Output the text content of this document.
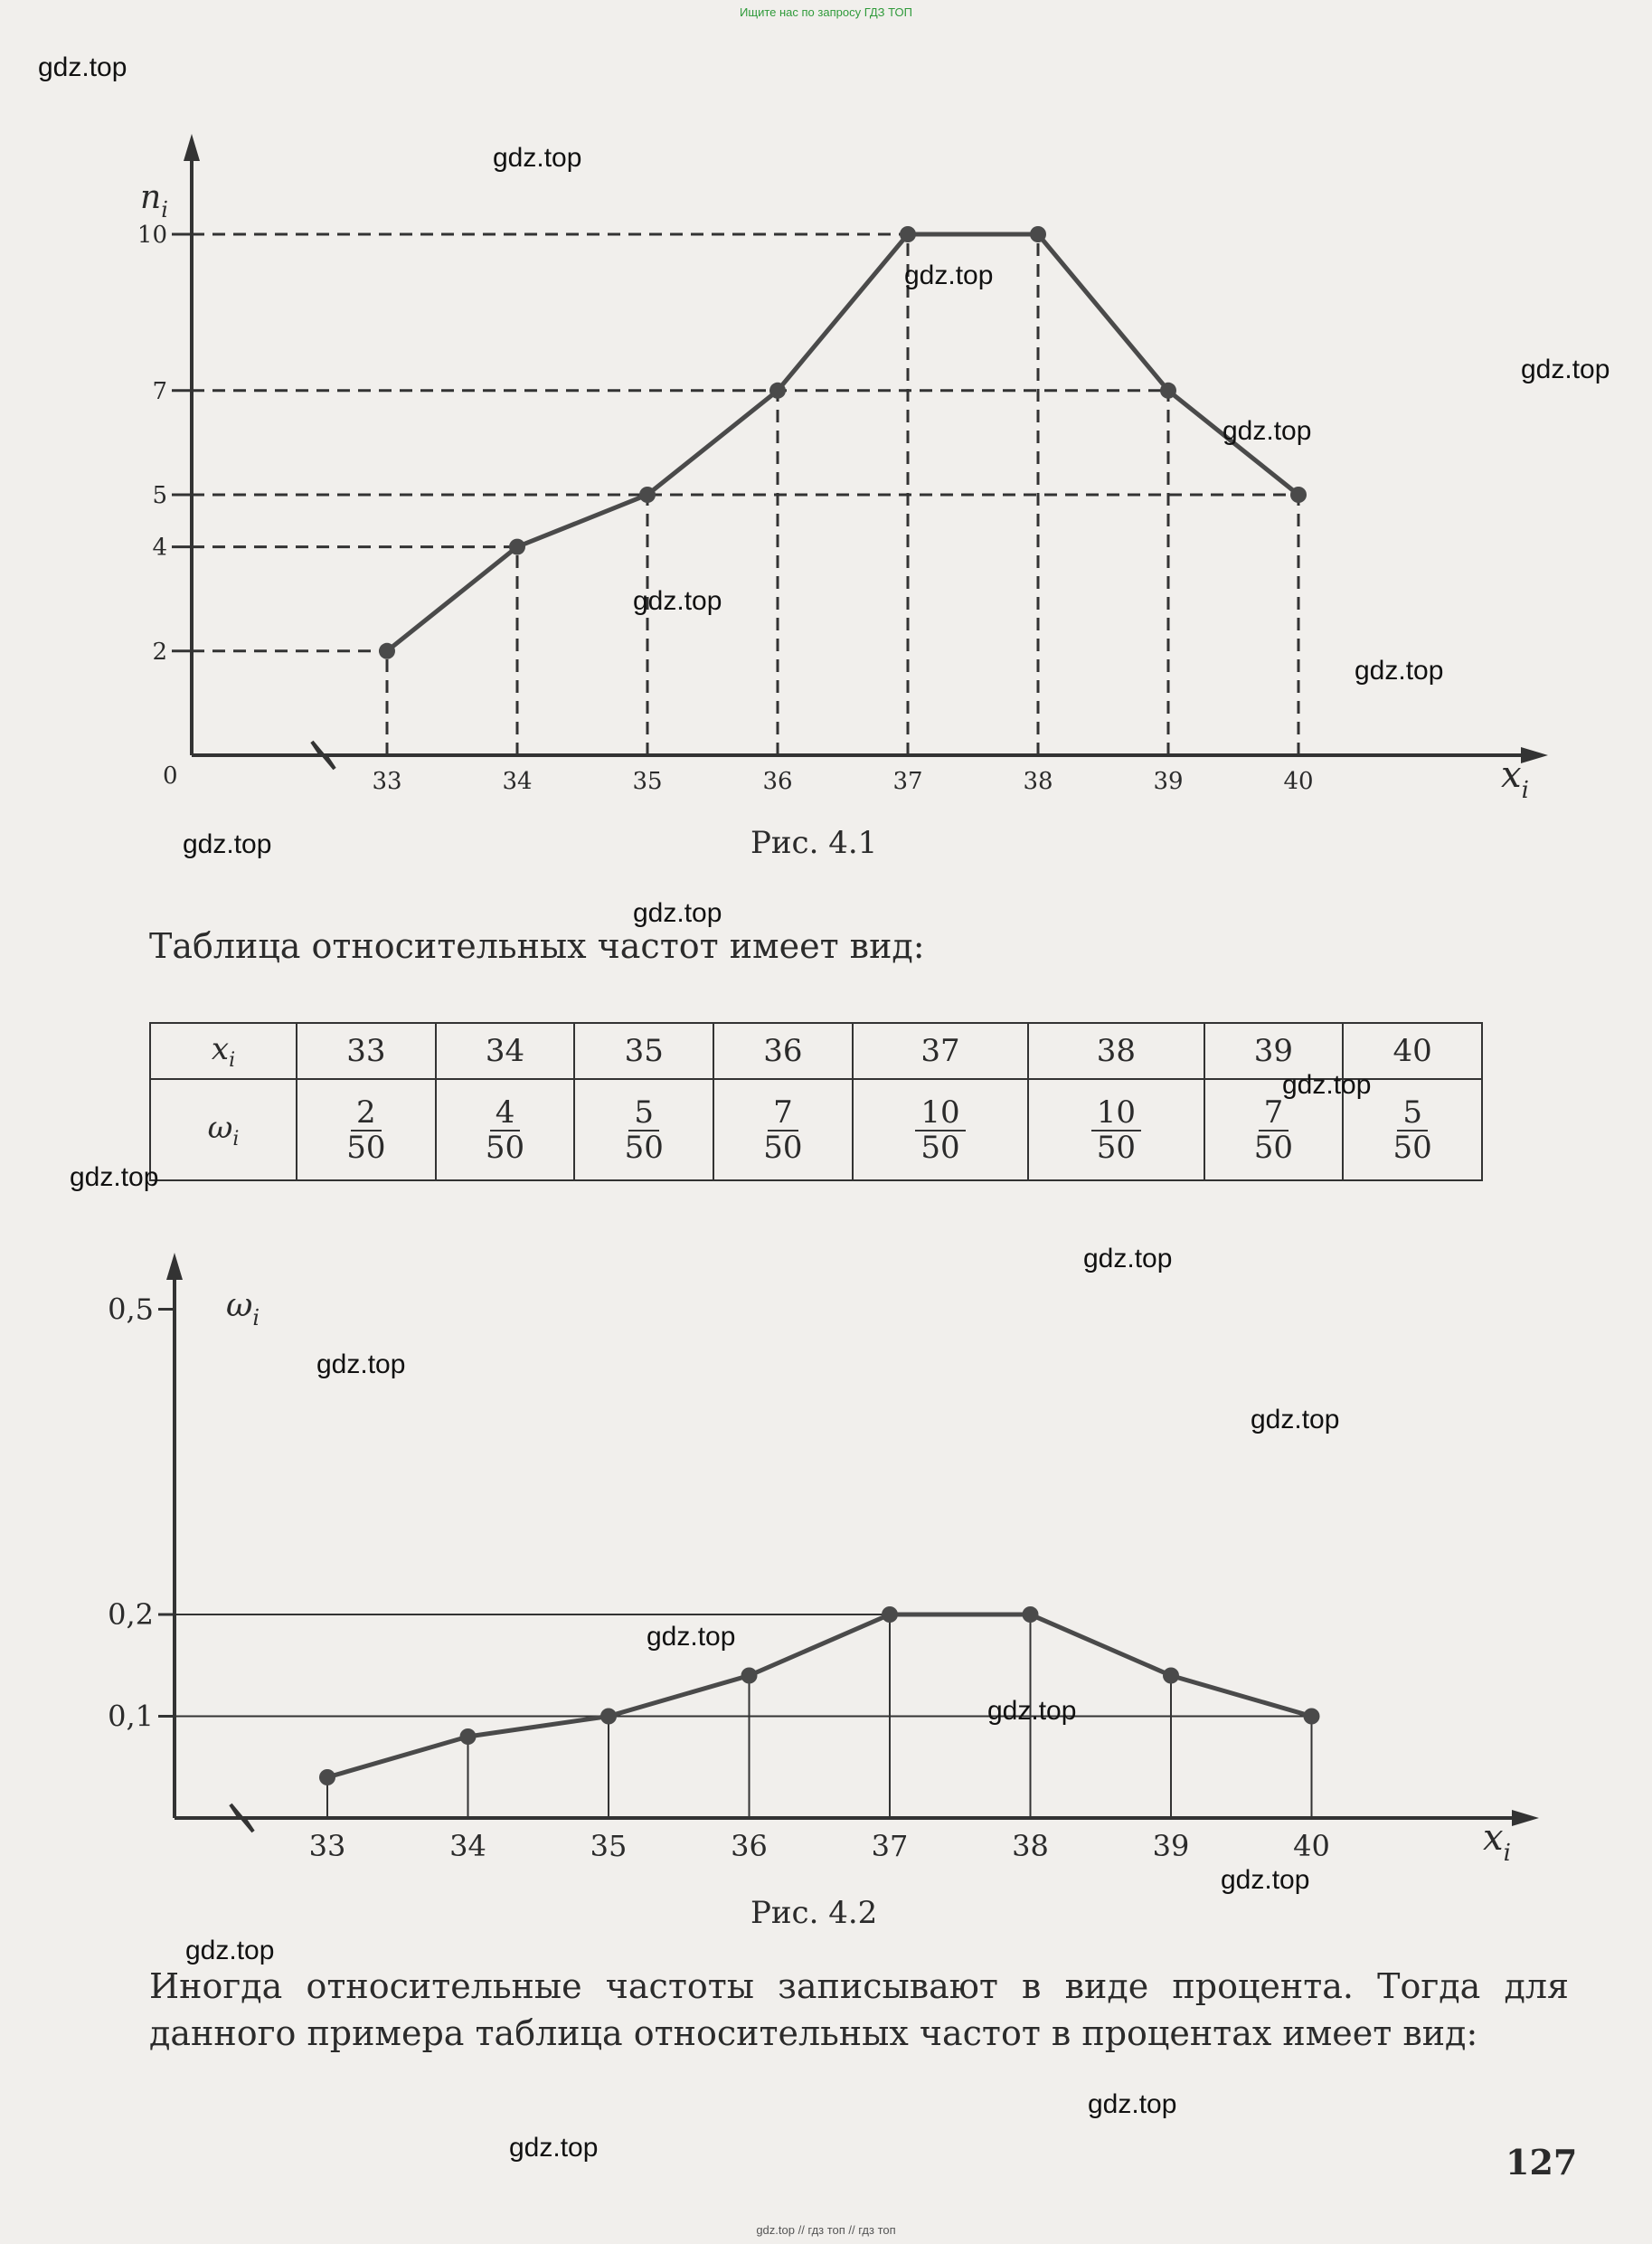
Ищите нас по запросу ГДЗ ТОП
gdz.top // гдз топ // гдз топ
33	34	35	36	37	38	39	40
2
4
5
7
10
0
$n_i$
$x_i$
Рис. 4.1
Таблица относительных частот имеет вид:
$x_i$	33	34	35	36	37	38	39	40
$\omega_i$	$\frac{2}{50}$	$\frac{4}{50}$	$\frac{5}{50}$	$\frac{7}{50}$	$\frac{10}{50}$	$\frac{10}{50}$	$\frac{7}{50}$	$\frac{5}{50}$
33	34	35	36	37	38	39	40
0,1
0,2
0,5 $\omega_i$
$x_i$
Рис. 4.2
Иногда относительные частоты записывают в виде процента. Тогда для данного примера таблица относительных частот в процентах имеет вид:
127
gdz.top
gdz.top
gdz.top
gdz.top
gdz.top
gdz.top
gdz.top
gdz.top
gdz.top
gdz.top
gdz.top
gdz.top
gdz.top
gdz.top
gdz.top
gdz.top
gdz.top
gdz.top
gdz.top
gdz.top
